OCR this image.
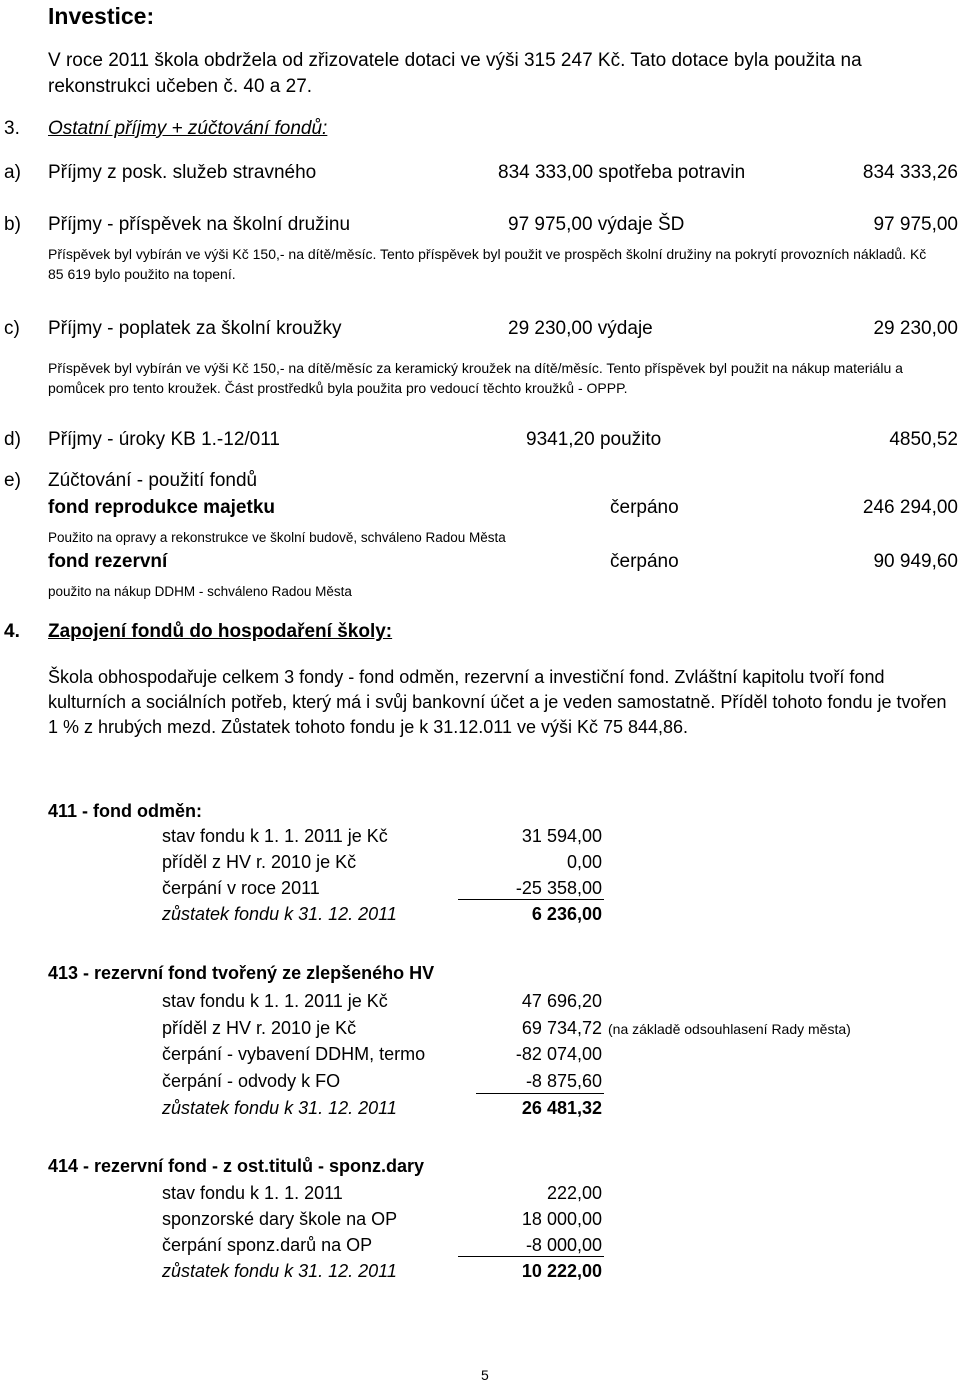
Investice:
V roce 2011 škola obdržela od zřizovatele dotaci ve výši 315 247 Kč. Tato dotace byla použita na rekonstrukci učeben č. 40 a 27.
3. Ostatní příjmy + zúčtování fondů:
a) Příjmy z posk. služeb stravného	834 333,00 spotřeba potravin	834 333,26
b) Příjmy - příspěvek na školní družinu	97 975,00 výdaje ŠD	97 975,00
Příspěvek byl vybírán ve výši Kč 150,- na dítě/měsíc. Tento příspěvek byl použit ve prospěch školní družiny na pokrytí provozních nákladů. Kč 85 619 bylo použito na topení.
c) Příjmy - poplatek za školní kroužky	29 230,00 výdaje	29 230,00
Příspěvek byl vybírán ve výši Kč 150,- na dítě/měsíc za keramický kroužek na dítě/měsíc. Tento příspěvek byl použit na nákup materiálu a pomůcek pro tento kroužek. Část prostředků byla použita pro vedoucí těchto kroužků - OPPP.
d) Příjmy - úroky KB 1.-12/011	9341,20 použito	4850,52
e) Zúčtování - použití fondů
fond reprodukce majetku	čerpáno	246 294,00
Použito na opravy a rekonstrukce ve školní budově, schváleno Radou Města
fond rezervní	čerpáno	90 949,60
použito na nákup DDHM - schváleno Radou Města
4. Zapojení fondů do hospodaření školy:
Škola obhospodařuje celkem 3 fondy - fond odměn, rezervní a investiční fond. Zvláštní kapitolu tvoří fond kulturních a sociálních potřeb, který má i svůj bankovní účet a je veden samostatně. Příděl tohoto fondu je tvořen 1 % z hrubých mezd. Zůstatek tohoto fondu je k 31.12.011 ve výši Kč 75 844,86.
411 - fond odměn:
stav fondu k 1. 1. 2011 je Kč	31 594,00
příděl z HV r. 2010 je Kč	0,00
čerpání v roce 2011	-25 358,00
zůstatek fondu k 31. 12. 2011	6 236,00
413 - rezervní fond tvořený ze zlepšeného HV
stav fondu k 1. 1. 2011 je Kč	47 696,20
příděl z HV r. 2010 je Kč	69 734,72 (na základě odsouhlasení Rady města)
čerpání - vybavení DDHM, termo	-82 074,00
čerpání - odvody k FO	-8 875,60
zůstatek fondu k 31. 12. 2011	26 481,32
414 - rezervní fond - z ost.titulů - sponz.dary
stav fondu k 1. 1. 2011	222,00
sponzorské dary škole na OP	18 000,00
čerpání sponz.darů na OP	-8 000,00
zůstatek fondu k 31. 12. 2011	10 222,00
5
